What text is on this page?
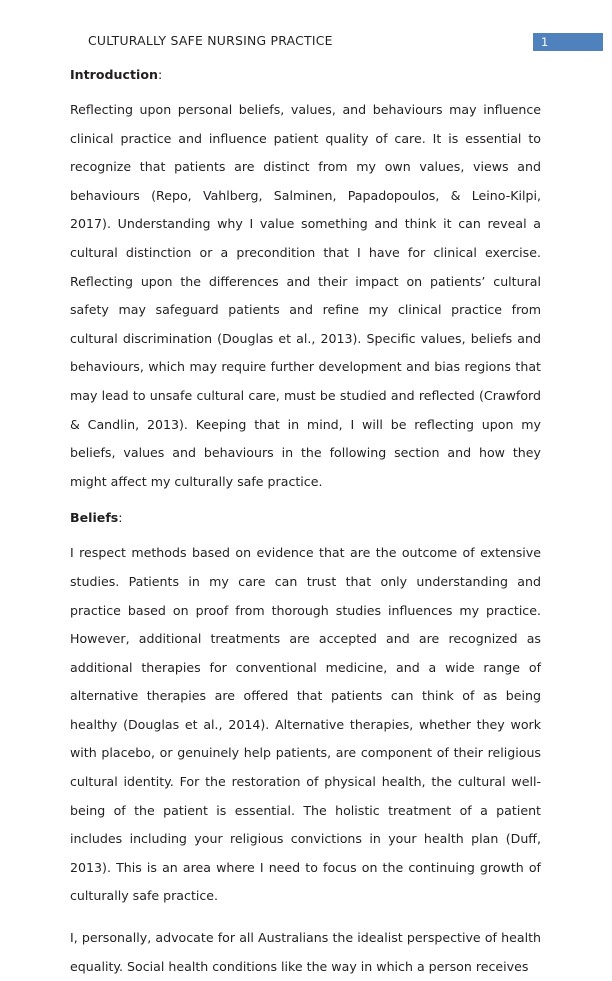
CULTURALLY SAFE NURSING PRACTICE	1
Introduction:

Reflecting upon personal beliefs, values, and behaviours may influence clinical practice and influence patient quality of care. It is essential to recognize that patients are distinct from my own values, views and behaviours (Repo, Vahlberg, Salminen, Papadopoulos, & Leino-Kilpi, 2017). Understanding why I value something and think it can reveal a cultural distinction or a precondition that I have for clinical exercise. Reflecting upon the differences and their impact on patients’ cultural safety may safeguard patients and refine my clinical practice from cultural discrimination (Douglas et al., 2013). Specific values, beliefs and behaviours, which may require further development and bias regions that may lead to unsafe cultural care, must be studied and reflected (Crawford & Candlin, 2013). Keeping that in mind, I will be reflecting upon my beliefs, values and behaviours in the following section and how they might affect my culturally safe practice.

Beliefs:

I respect methods based on evidence that are the outcome of extensive studies. Patients in my care can trust that only understanding and practice based on proof from thorough studies influences my practice. However, additional treatments are accepted and are recognized as additional therapies for conventional medicine, and a wide range of alternative therapies are offered that patients can think of as being healthy (Douglas et al., 2014). Alternative therapies, whether they work with placebo, or genuinely help patients, are component of their religious cultural identity. For the restoration of physical health, the cultural well-being of the patient is essential. The holistic treatment of a patient includes including your religious convictions in your health plan (Duff, 2013). This is an area where I need to focus on the continuing growth of culturally safe practice.

I, personally, advocate for all Australians the idealist perspective of health equality. Social health conditions like the way in which a person receives
